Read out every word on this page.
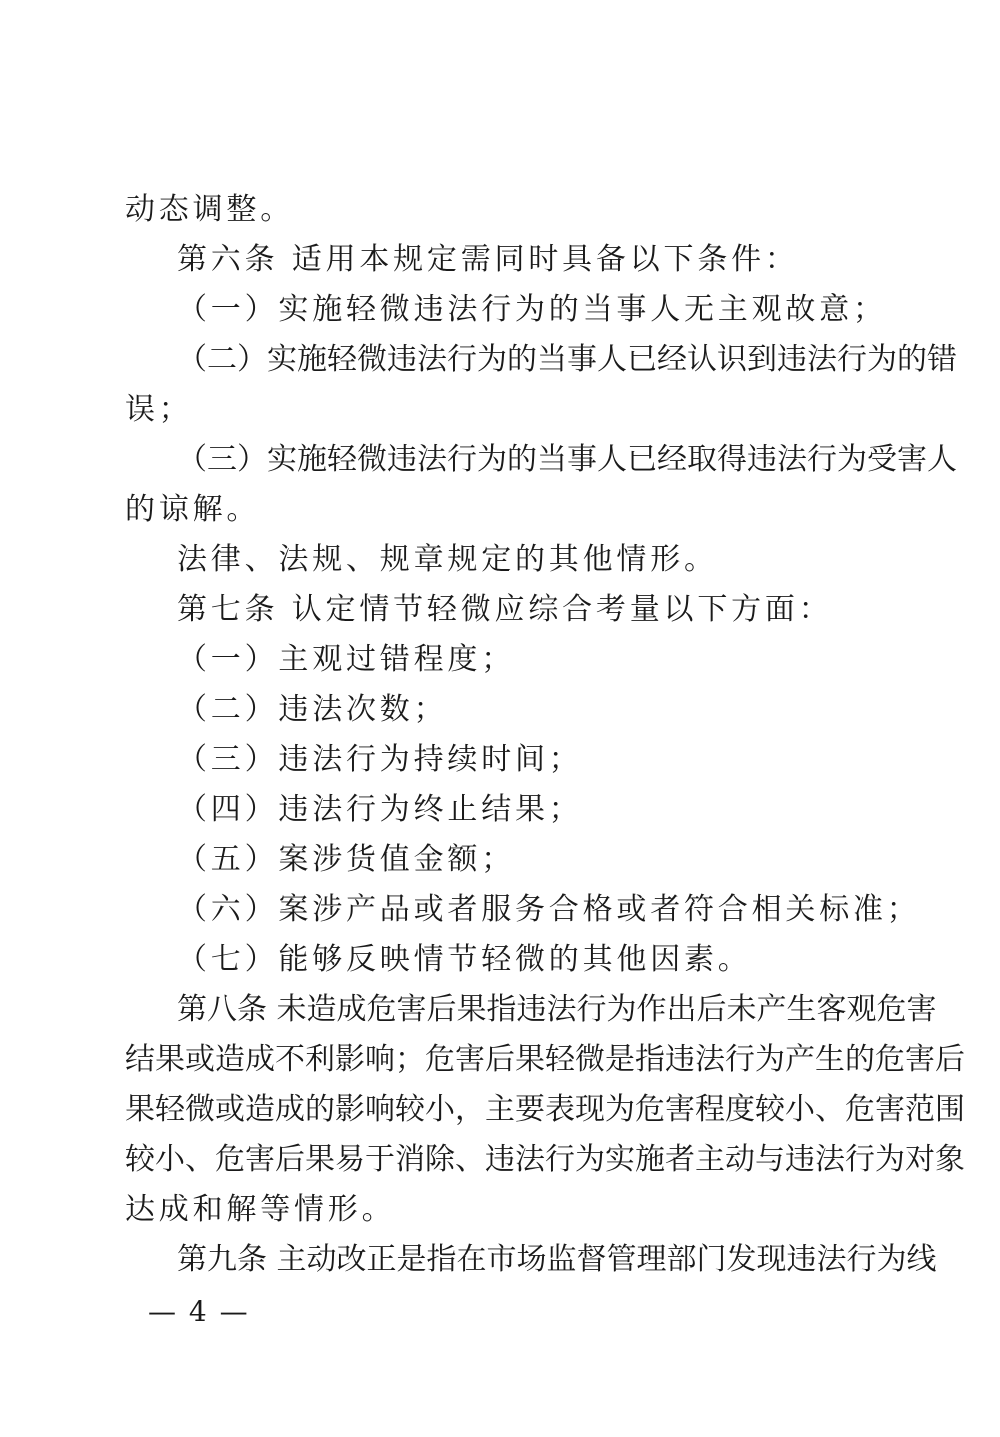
动态调整。
第六条 适用本规定需同时具备以下条件：
（一）实施轻微违法行为的当事人无主观故意；
（二）实施轻微违法行为的当事人已经认识到违法行为的错
误；
（三）实施轻微违法行为的当事人已经取得违法行为受害人
的谅解。
法律、法规、规章规定的其他情形。
第七条 认定情节轻微应综合考量以下方面：
（一）主观过错程度；
（二）违法次数；
（三）违法行为持续时间；
（四）违法行为终止结果；
（五）案涉货值金额；
（六）案涉产品或者服务合格或者符合相关标准；
（七）能够反映情节轻微的其他因素。
第八条 未造成危害后果指违法行为作出后未产生客观危害
结果或造成不利影响；危害后果轻微是指违法行为产生的危害后
果轻微或造成的影响较小，主要表现为危害程度较小、危害范围
较小、危害后果易于消除、违法行为实施者主动与违法行为对象
达成和解等情形。
第九条 主动改正是指在市场监督管理部门发现违法行为线
— 4 —
